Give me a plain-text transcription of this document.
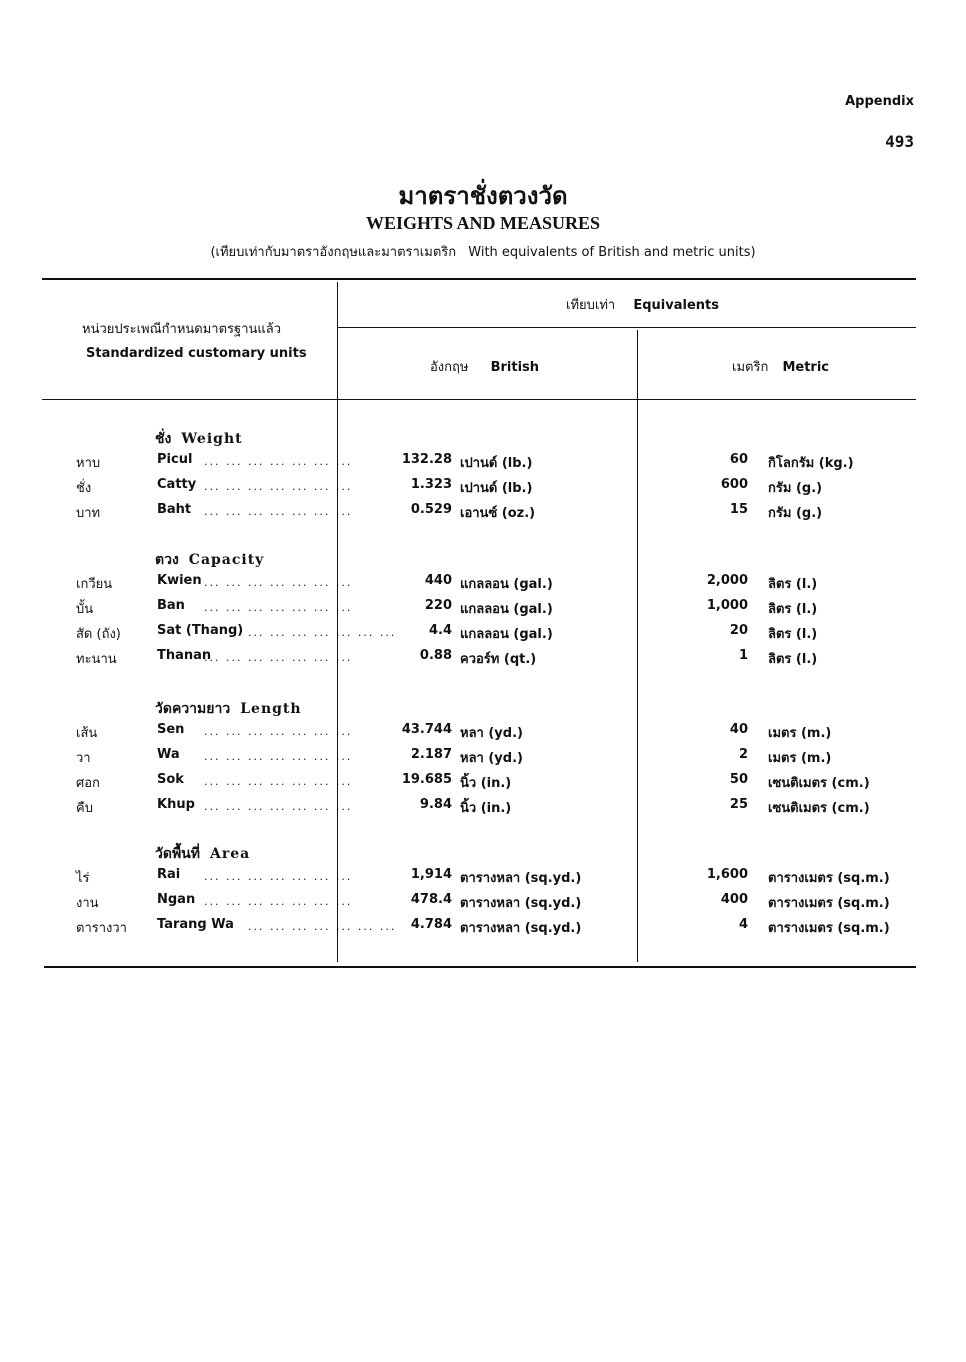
Appendix
493
มาตราชั่งตวงวัด
WEIGHTS AND MEASURES
(เทียบเท่ากับมาตราอังกฤษและมาตราเมตริก With equivalents of British and metric units)
หน่วยประเพณีกำหนดมาตรฐานแล้ว
Standardized customary units
เทียบเท่า Equivalents
อังกฤษ British	เมตริก Metric
ชั่ง Weight
หาบ	Picul	132.28 เปานด์ (lb.)	60 กิโลกรัม (kg.)
... ... ... ... ... ... ...
ชั่ง	Catty	1.323 เปานด์ (lb.)	600 กรัม (g.)
... ... ... ... ... ... ...
บาท	Baht	0.529 เอานซ์ (oz.)	15 กรัม (g.)
... ... ... ... ... ... ...
ตวง Capacity
เกวียน	Kwien	440 แกลลอน (gal.)	2,000 ลิตร (l.)
... ... ... ... ... ... ...
บั้น	Ban	220 แกลลอน (gal.)	1,000 ลิตร (l.)
... ... ... ... ... ... ...
สัด (ถัง)	Sat (Thang)	4.4 แกลลอน (gal.)	20 ลิตร (l.)
... ... ... ... ... ... ...
ทะนาน	Thanan	0.88 ควอร์ท (qt.)	1 ลิตร (l.)
... ... ... ... ... ... ...
วัดความยาว Length
เส้น	Sen	43.744 หลา (yd.)	40 เมตร (m.)
... ... ... ... ... ... ...
วา	Wa	2.187 หลา (yd.)	2 เมตร (m.)
... ... ... ... ... ... ...
ศอก	Sok	19.685 นิ้ว (in.)	50 เซนติเมตร (cm.)
... ... ... ... ... ... ...
คืบ	Khup	9.84 นิ้ว (in.)	25 เซนติเมตร (cm.)
... ... ... ... ... ... ...
วัดพื้นที่ Area
ไร่	Rai	1,914 ตารางหลา (sq.yd.)	1,600 ตารางเมตร (sq.m.)
... ... ... ... ... ... ...
งาน	Ngan	478.4 ตารางหลา (sq.yd.)	400 ตารางเมตร (sq.m.)
... ... ... ... ... ... ...
ตารางวา Tarang Wa	4.784 ตารางหลา (sq.yd.)	4 ตารางเมตร (sq.m.)
... ... ... ... ... ... ...
